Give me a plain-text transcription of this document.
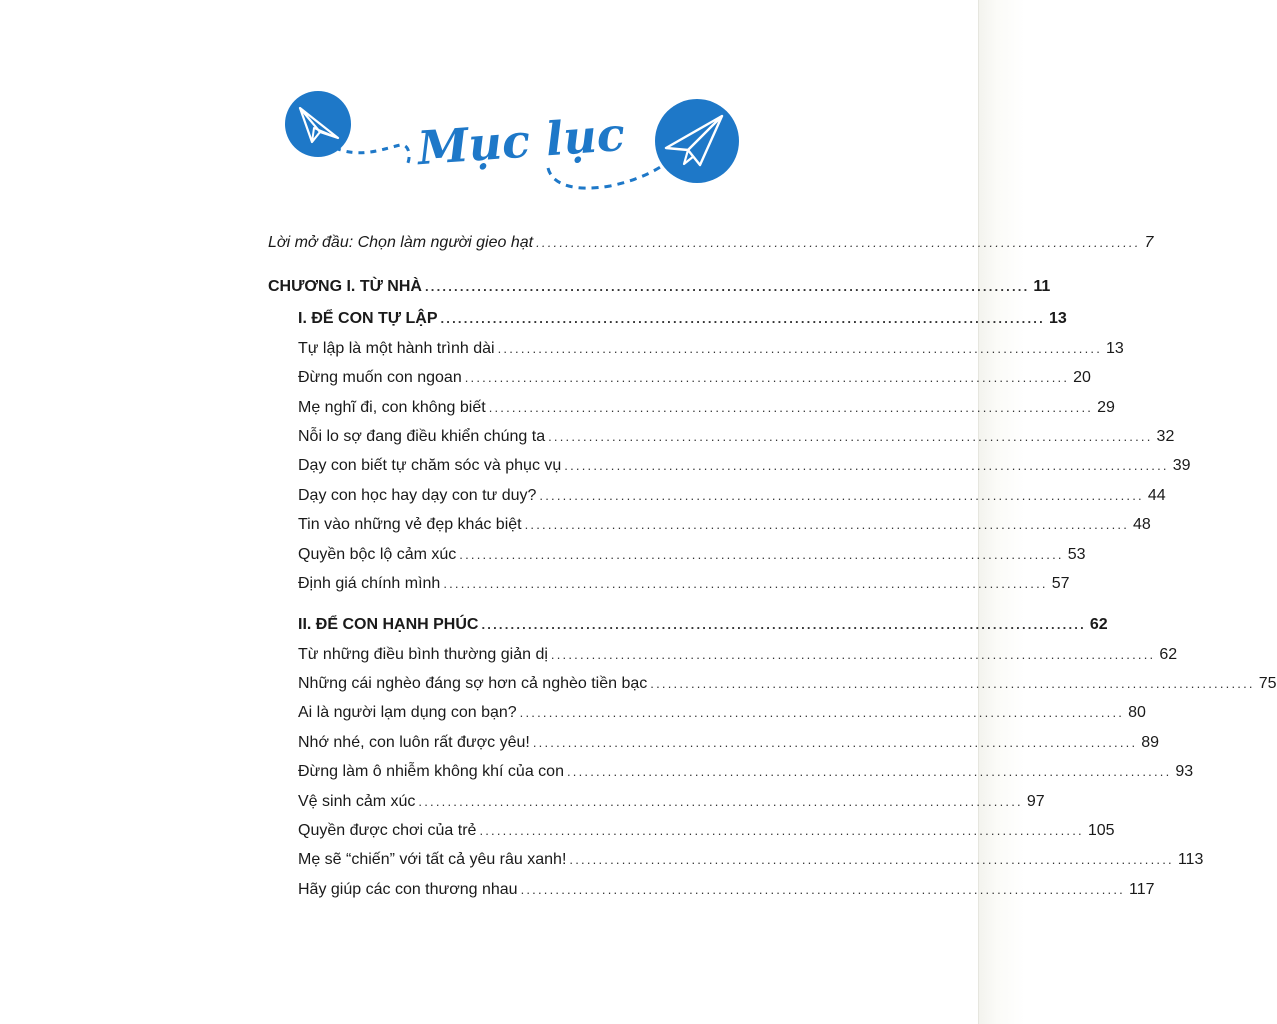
Mục lục
Lời mở đầu: Chọn làm người gieo hạt ........................................................................................................ 7
CHƯƠNG I. TỪ NHÀ ........................................................................................................ 11
I. ĐỂ CON TỰ LẬP ........................................................................................................ 13
Tự lập là một hành trình dài ........................................................................................................ 13
Đừng muốn con ngoan ........................................................................................................ 20
Mẹ nghĩ đi, con không biết ........................................................................................................ 29
Nỗi lo sợ đang điều khiển chúng ta ........................................................................................................ 32
Dạy con biết tự chăm sóc và phục vụ ........................................................................................................ 39
Dạy con học hay dạy con tư duy? ........................................................................................................ 44
Tin vào những vẻ đẹp khác biệt ........................................................................................................ 48
Quyền bộc lộ cảm xúc ........................................................................................................ 53
Định giá chính mình ........................................................................................................ 57
II. ĐỂ CON HẠNH PHÚC ........................................................................................................ 62
Từ những điều bình thường giản dị ........................................................................................................ 62
Những cái nghèo đáng sợ hơn cả nghèo tiền bạc ........................................................................................................ 75
Ai là người lạm dụng con bạn? ........................................................................................................ 80
Nhớ nhé, con luôn rất được yêu! ........................................................................................................ 89
Đừng làm ô nhiễm không khí của con ........................................................................................................ 93
Vệ sinh cảm xúc ........................................................................................................ 97
Quyền được chơi của trẻ ........................................................................................................ 105
Mẹ sẽ “chiến” với tất cả yêu râu xanh! ........................................................................................................ 113
Hãy giúp các con thương nhau ........................................................................................................ 117
